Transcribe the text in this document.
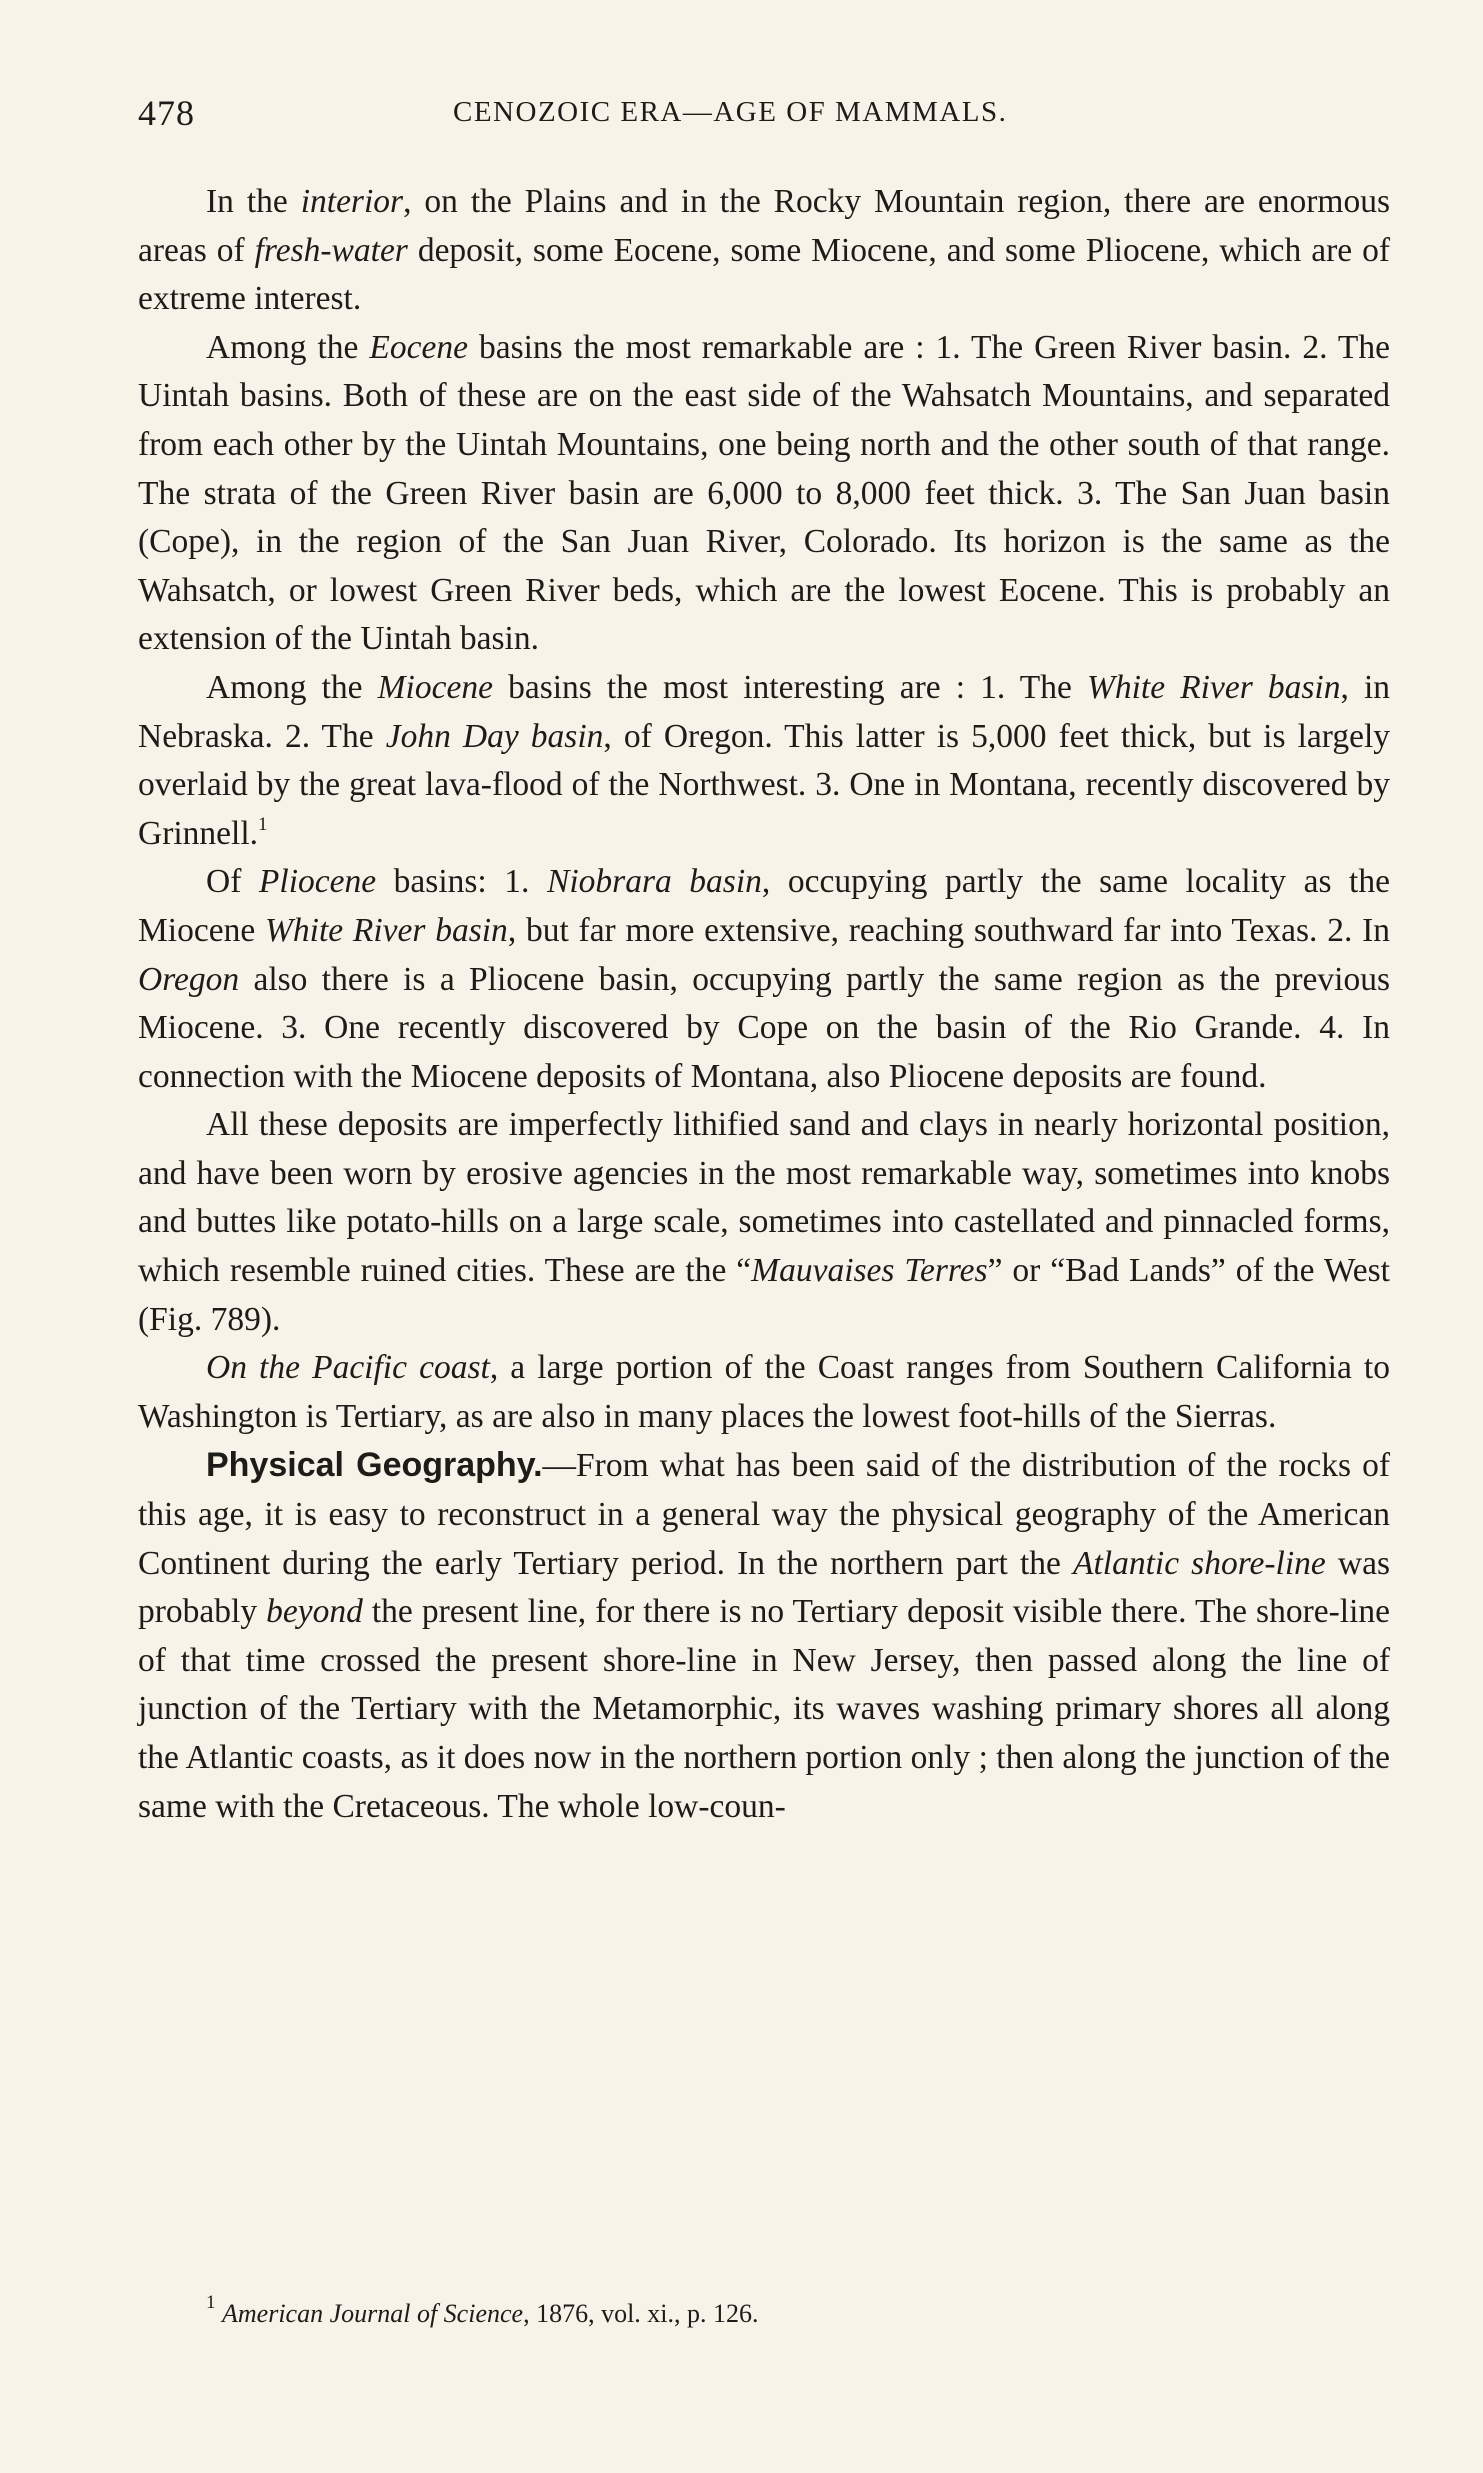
478	CENOZOIC ERA—AGE OF MAMMALS.

In the interior, on the Plains and in the Rocky Mountain region, there are enormous areas of fresh-water deposit, some Eocene, some Miocene, and some Pliocene, which are of extreme interest.

Among the Eocene basins the most remarkable are : 1. The Green River basin. 2. The Uintah basins. Both of these are on the east side of the Wahsatch Mountains, and separated from each other by the Uintah Mountains, one being north and the other south of that range. The strata of the Green River basin are 6,000 to 8,000 feet thick. 3. The San Juan basin (Cope), in the region of the San Juan River, Colorado. Its horizon is the same as the Wahsatch, or lowest Green River beds, which are the lowest Eocene. This is probably an extension of the Uintah basin.

Among the Miocene basins the most interesting are : 1. The White River basin, in Nebraska. 2. The John Day basin, of Oregon. This latter is 5,000 feet thick, but is largely overlaid by the great lava-flood of the Northwest. 3. One in Montana, recently discovered by Grinnell.$^1$

Of Pliocene basins: 1. Niobrara basin, occupying partly the same locality as the Miocene White River basin, but far more extensive, reaching southward far into Texas. 2. In Oregon also there is a Pliocene basin, occupying partly the same region as the previous Miocene. 3. One recently discovered by Cope on the basin of the Rio Grande. 4. In connection with the Miocene deposits of Montana, also Pliocene deposits are found.

All these deposits are imperfectly lithified sand and clays in nearly horizontal position, and have been worn by erosive agencies in the most remarkable way, sometimes into knobs and buttes like potato-hills on a large scale, sometimes into castellated and pinnacled forms, which resemble ruined cities. These are the “Mauvaises Terres” or “Bad Lands” of the West (Fig. 789).

On the Pacific coast, a large portion of the Coast ranges from Southern California to Washington is Tertiary, as are also in many places the lowest foot-hills of the Sierras.

Physical Geography.—From what has been said of the distribution of the rocks of this age, it is easy to reconstruct in a general way the physical geography of the American Continent during the early Tertiary period. In the northern part the Atlantic shore-line was probably beyond the present line, for there is no Tertiary deposit visible there. The shore-line of that time crossed the present shore-line in New Jersey, then passed along the line of junction of the Tertiary with the Metamorphic, its waves washing primary shores all along the Atlantic coasts, as it does now in the northern portion only ; then along the junction of the same with the Cretaceous. The whole low-coun-

$^1$ American Journal of Science, 1876, vol. xi., p. 126.
